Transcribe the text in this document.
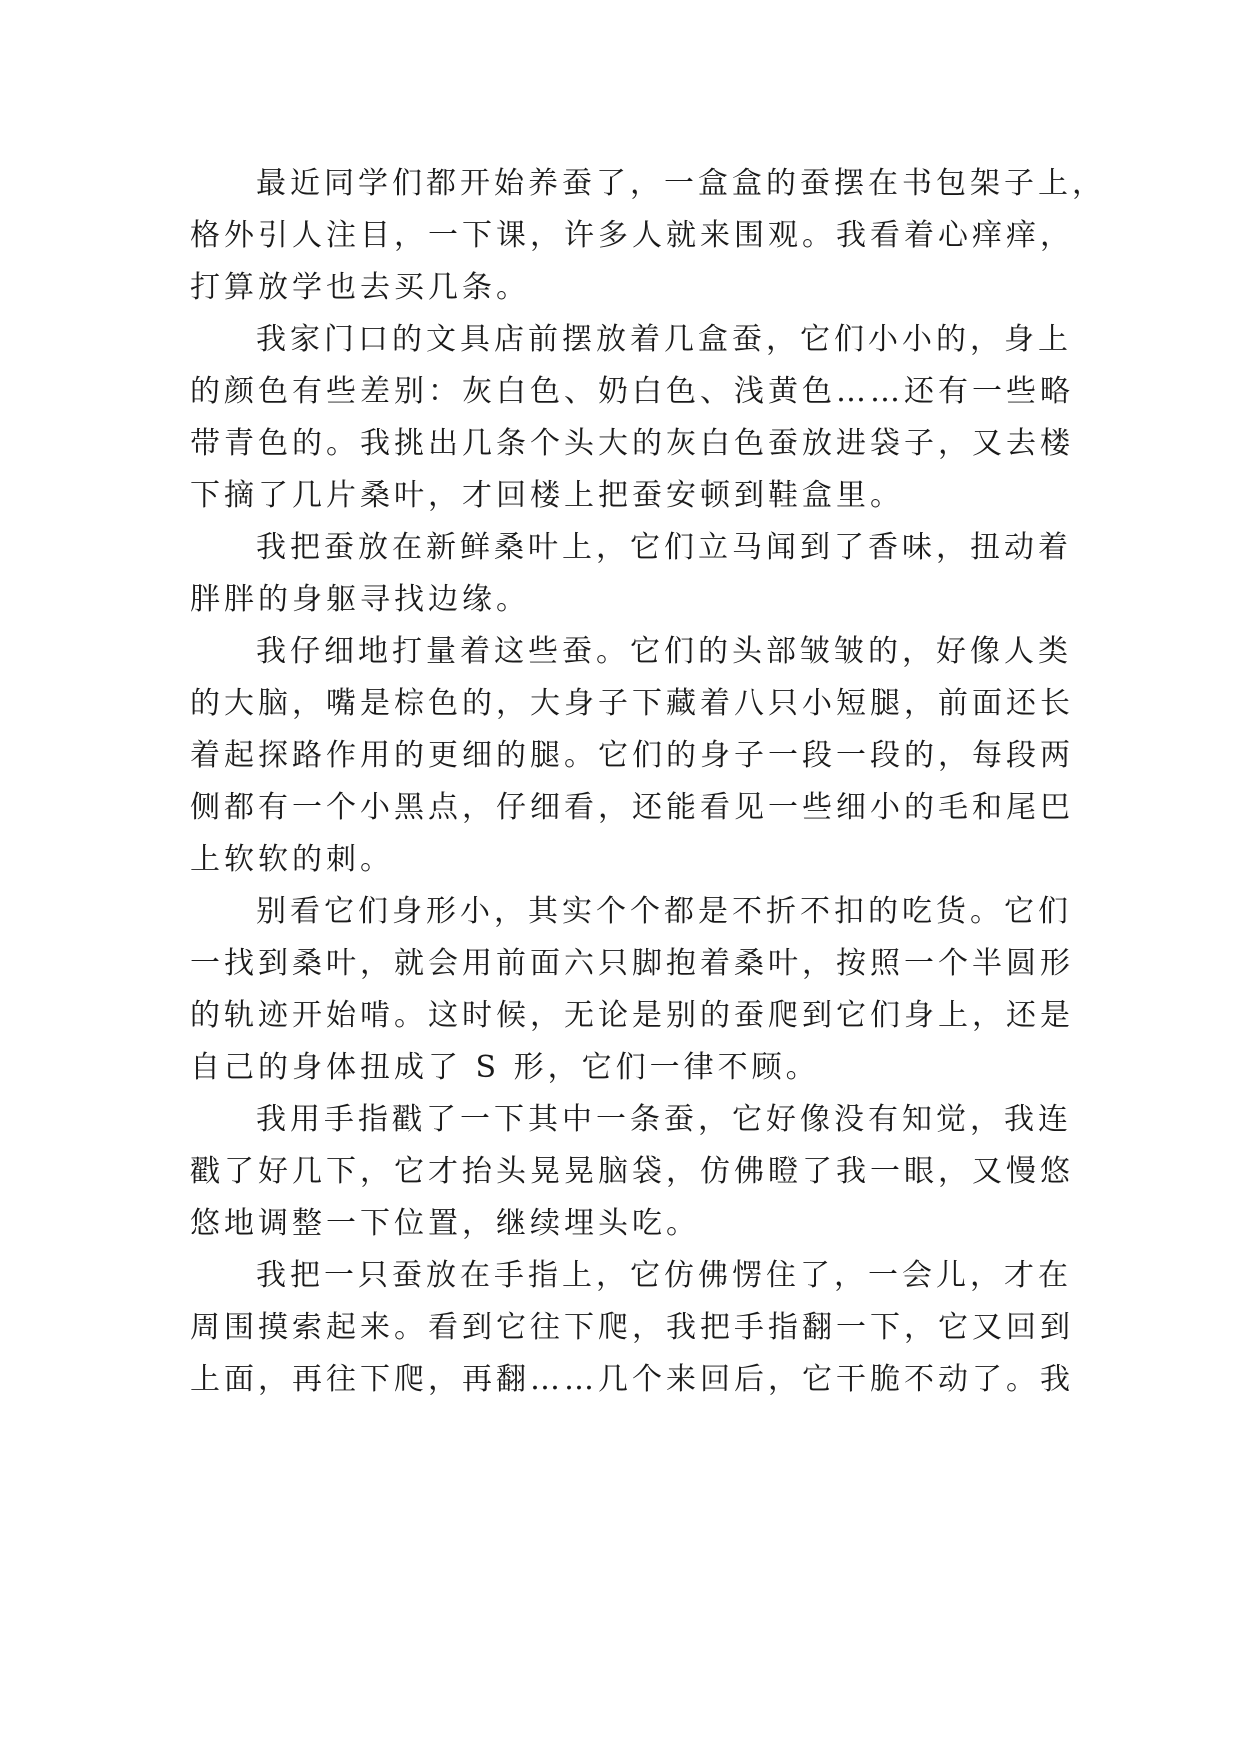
最近同学们都开始养蚕了，一盒盒的蚕摆在书包架子上，
格外引人注目，一下课，许多人就来围观。我看着心痒痒，
打算放学也去买几条。

我家门口的文具店前摆放着几盒蚕，它们小小的，身上
的颜色有些差别：灰白色、奶白色、浅黄色……还有一些略
带青色的。我挑出几条个头大的灰白色蚕放进袋子，又去楼
下摘了几片桑叶，才回楼上把蚕安顿到鞋盒里。

我把蚕放在新鲜桑叶上，它们立马闻到了香味，扭动着
胖胖的身躯寻找边缘。

我仔细地打量着这些蚕。它们的头部皱皱的，好像人类
的大脑，嘴是棕色的，大身子下藏着八只小短腿，前面还长
着起探路作用的更细的腿。它们的身子一段一段的，每段两
侧都有一个小黑点，仔细看，还能看见一些细小的毛和尾巴
上软软的刺。

别看它们身形小，其实个个都是不折不扣的吃货。它们
一找到桑叶，就会用前面六只脚抱着桑叶，按照一个半圆形
的轨迹开始啃。这时候，无论是别的蚕爬到它们身上，还是
自己的身体扭成了 S 形，它们一律不顾。

我用手指戳了一下其中一条蚕，它好像没有知觉，我连
戳了好几下，它才抬头晃晃脑袋，仿佛瞪了我一眼，又慢悠
悠地调整一下位置，继续埋头吃。

我把一只蚕放在手指上，它仿佛愣住了，一会儿，才在
周围摸索起来。看到它往下爬，我把手指翻一下，它又回到
上面，再往下爬，再翻……几个来回后，它干脆不动了。我
